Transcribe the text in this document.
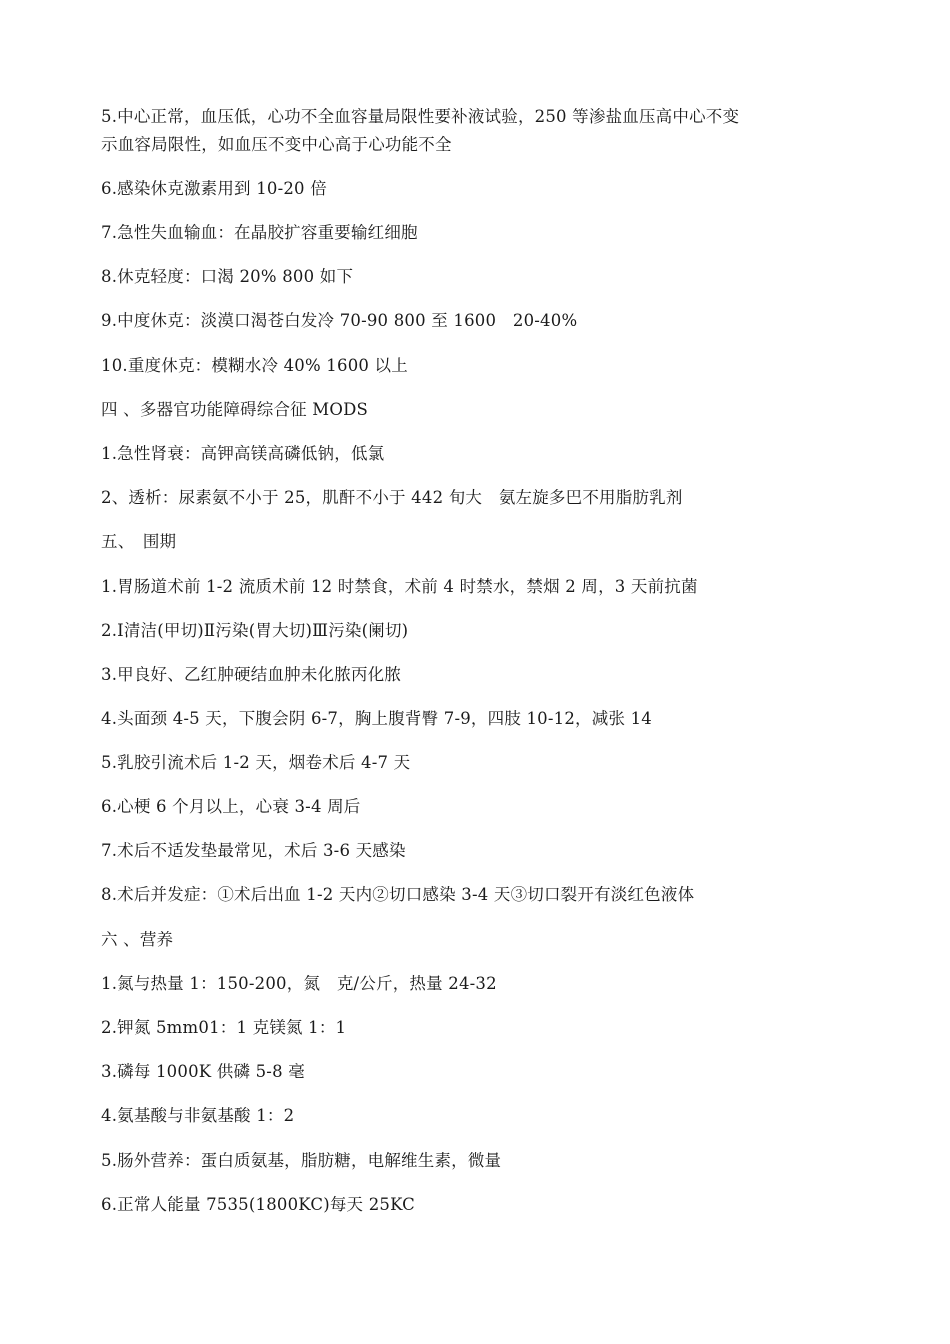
5.中心正常，血压低，心功不全血容量局限性要补液试验，250 等渗盐血压高中心不变
示血容局限性，如血压不变中心高于心功能不全
6.感染休克激素用到 10-20 倍
7.急性失血输血：在晶胶扩容重要输红细胞
8.休克轻度：口渴 20% 800 如下
9.中度休克：淡漠口渴苍白发冷 70-90 800 至 1600　20-40%
10.重度休克：模糊水冷 40% 1600 以上
四 、多器官功能障碍综合征 MODS
1.急性肾衰：高钾高镁高磷低钠，低氯
2、透析：尿素氨不小于 25，肌酐不小于 442 旬大　氨左旋多巴不用脂肪乳剂
五、　围期
1.胃肠道术前 1-2 流质术前 12 时禁食，术前 4 时禁水，禁烟 2 周，3 天前抗菌
2.Ⅰ清洁(甲切)Ⅱ污染(胃大切)Ⅲ污染(阑切)
3.甲良好、乙红肿硬结血肿未化脓丙化脓
4.头面颈 4-5 天，下腹会阴 6-7，胸上腹背臀 7-9，四肢 10-12，减张 14
5.乳胶引流术后 1-2 天，烟卷术后 4-7 天
6.心梗 6 个月以上，心衰 3-4 周后
7.术后不适发垫最常见，术后 3-6 天感染
8.术后并发症：①术后出血 1-2 天内②切口感染 3-4 天③切口裂开有淡红色液体
六 、营养
1.氮与热量 1：150-200，氮　克/公斤，热量 24-32
2.钾氮 5mm01：1 克镁氮 1：1
3.磷每 1000K 供磷 5-8 毫
4.氨基酸与非氨基酸 1：2
5.肠外营养：蛋白质氨基，脂肪糖，电解维生素，微量
6.正常人能量 7535(1800KC)每天 25KC
